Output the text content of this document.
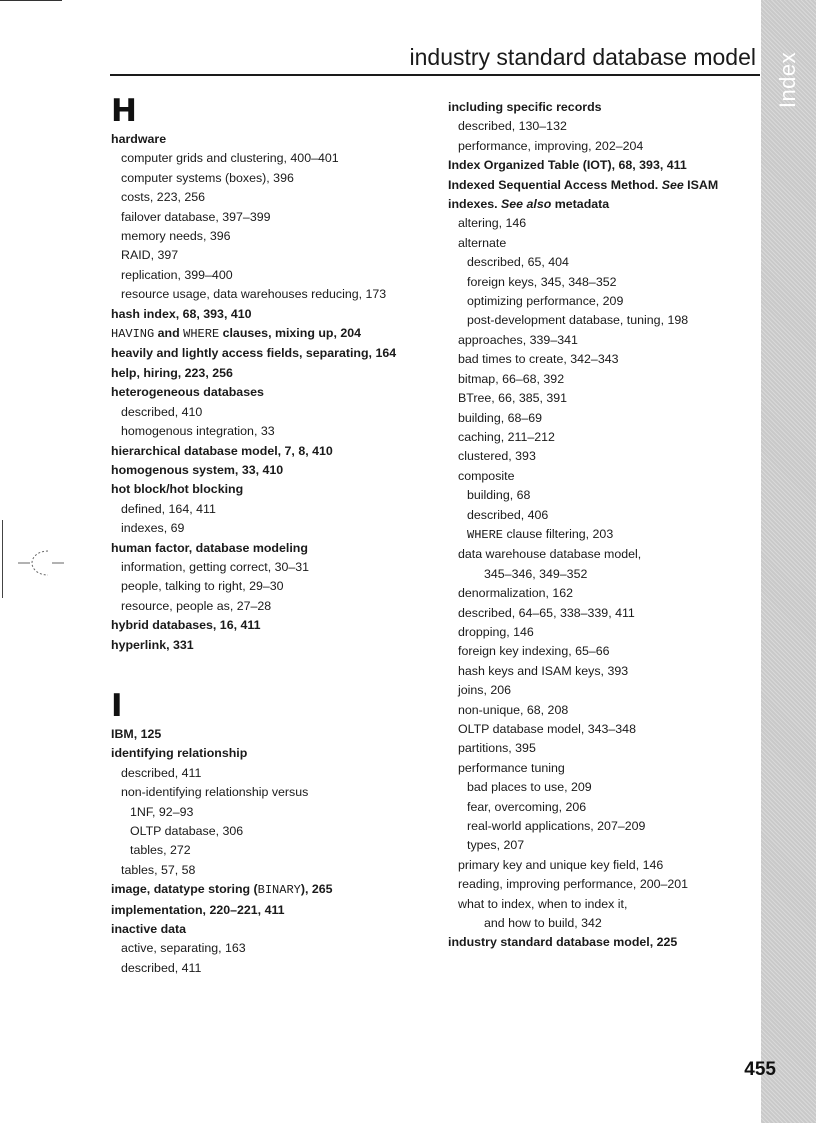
Index
industry standard database model
H
hardware
computer grids and clustering, 400–401
computer systems (boxes), 396
costs, 223, 256
failover database, 397–399
memory needs, 396
RAID, 397
replication, 399–400
resource usage, data warehouses reducing, 173
hash index, 68, 393, 410
HAVING and WHERE clauses, mixing up, 204
heavily and lightly access fields, separating, 164
help, hiring, 223, 256
heterogeneous databases
described, 410
homogenous integration, 33
hierarchical database model, 7, 8, 410
homogenous system, 33, 410
hot block/hot blocking
defined, 164, 411
indexes, 69
human factor, database modeling
information, getting correct, 30–31
people, talking to right, 29–30
resource, people as, 27–28
hybrid databases, 16, 411
hyperlink, 331
I
IBM, 125
identifying relationship
described, 411
non-identifying relationship versus
1NF, 92–93
OLTP database, 306
tables, 272
tables, 57, 58
image, datatype storing (BINARY), 265
implementation, 220–221, 411
inactive data
active, separating, 163
described, 411
including specific records
described, 130–132
performance, improving, 202–204
Index Organized Table (IOT), 68, 393, 411
Indexed Sequential Access Method. See ISAM
indexes. See also metadata
altering, 146
alternate
described, 65, 404
foreign keys, 345, 348–352
optimizing performance, 209
post-development database, tuning, 198
approaches, 339–341
bad times to create, 342–343
bitmap, 66–68, 392
BTree, 66, 385, 391
building, 68–69
caching, 211–212
clustered, 393
composite
building, 68
described, 406
WHERE clause filtering, 203
data warehouse database model,
345–346, 349–352
denormalization, 162
described, 64–65, 338–339, 411
dropping, 146
foreign key indexing, 65–66
hash keys and ISAM keys, 393
joins, 206
non-unique, 68, 208
OLTP database model, 343–348
partitions, 395
performance tuning
bad places to use, 209
fear, overcoming, 206
real-world applications, 207–209
types, 207
primary key and unique key field, 146
reading, improving performance, 200–201
what to index, when to index it,
and how to build, 342
industry standard database model, 225
455
